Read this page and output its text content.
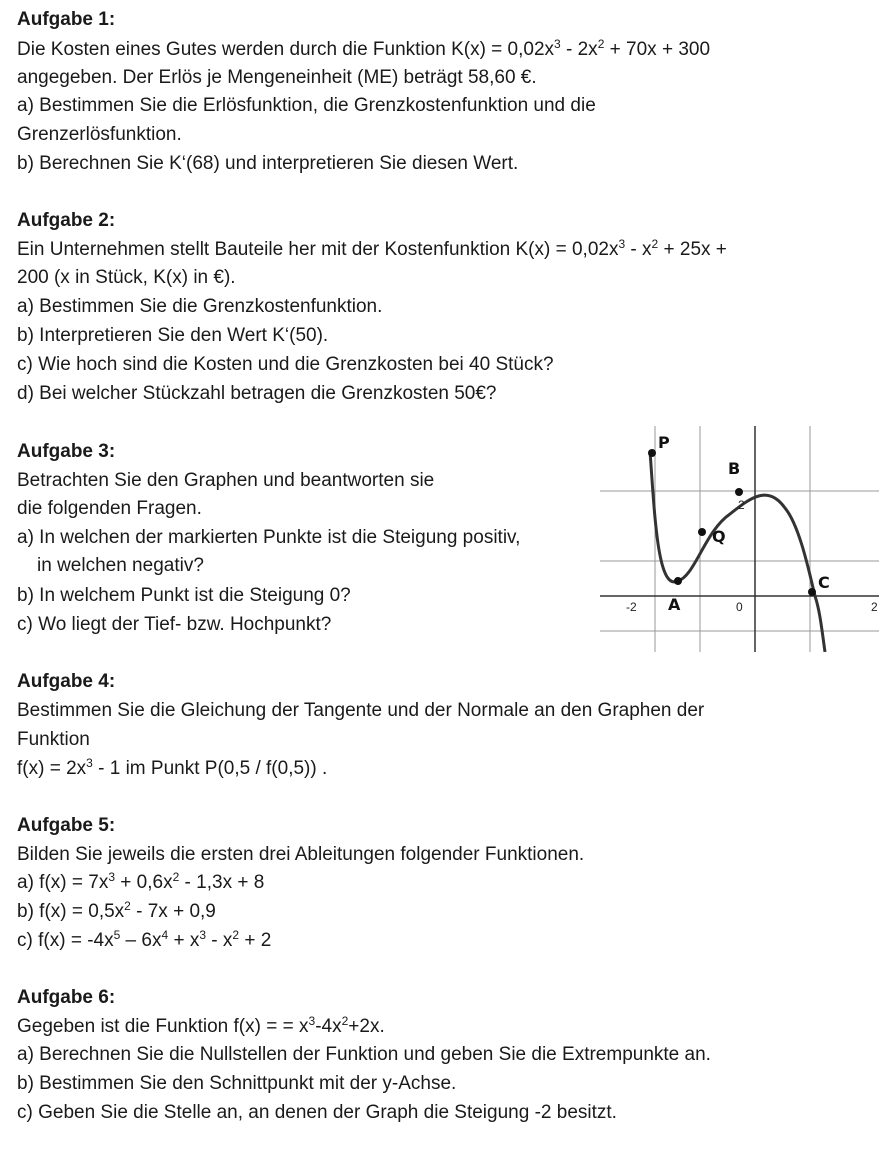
Aufgabe 1:
Die Kosten eines Gutes werden durch die Funktion $K(x) = 0,02x^3 - 2x^2 + 70x + 300$
angegeben. Der Erlös je Mengeneinheit (ME) beträgt 58,60 €.
a) Bestimmen Sie die Erlösfunktion, die Grenzkostenfunktion und die
Grenzerlösfunktion.
b) Berechnen Sie K‘(68) und interpretieren Sie diesen Wert.
Aufgabe 2:
Ein Unternehmen stellt Bauteile her mit der Kostenfunktion $K(x) = 0,02x^3 - x^2 + 25x$ +
200 (x in Stück, K(x) in €).
a) Bestimmen Sie die Grenzkostenfunktion.
b) Interpretieren Sie den Wert K‘(50).
c) Wie hoch sind die Kosten und die Grenzkosten bei 40 Stück?
d) Bei welcher Stückzahl betragen die Grenzkosten 50€?
Aufgabe 3:
Betrachten Sie den Graphen und beantworten sie
die folgenden Fragen.
a) In welchen der markierten Punkte ist die Steigung positiv,
in welchen negativ?
b) In welchem Punkt ist die Steigung 0?
c) Wo liegt der Tief- bzw. Hochpunkt?
P
B
Q
C
A
-2	0
2
2
Aufgabe 4:
Bestimmen Sie die Gleichung der Tangente und der Normale an den Graphen der
Funktion
$f(x) = 2x^3 - 1$ im Punkt P(0,5 / f(0,5)) .
Aufgabe 5:
Bilden Sie jeweils die ersten drei Ableitungen folgender Funktionen.
a) $f(x) = 7x^3 + 0,6x^2 - 1,3x + 8$
b) $f(x) = 0,5x^2 - 7x + 0,9$
c) $f(x) = -4x^5 - 6x^4 + x^3 - x^2 + 2$
Aufgabe 6:
Gegeben ist die Funktion f(x) = = $x^3-4x^2+2x$.
a) Berechnen Sie die Nullstellen der Funktion und geben Sie die Extrempunkte an.
b) Bestimmen Sie den Schnittpunkt mit der y-Achse.
c) Geben Sie die Stelle an, an denen der Graph die Steigung -2 besitzt.
